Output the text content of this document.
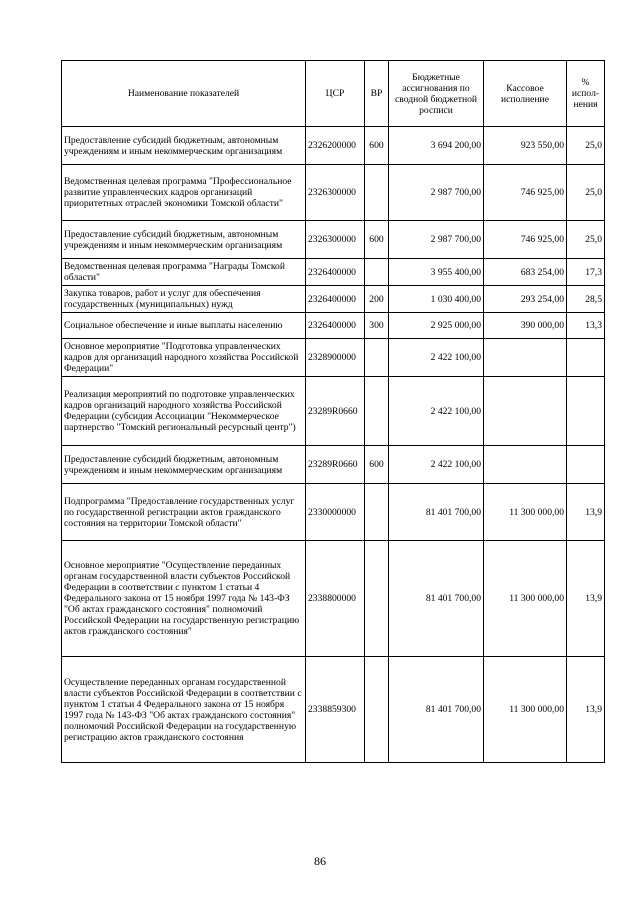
Наименование показателей	ЦСР	ВР	Бюджетные ассигнования по сводной бюджетной росписи	Кассовое исполнение	% испол-нения
Предоставление субсидий бюджетным, автономным учреждениям и иным некоммерческим организациям	2326200000	600	3 694 200,00	923 550,00	25,0
Ведомственная целевая программа "Профессиональное развитие управленческих кадров организаций приоритетных отраслей экономики Томской области"	2326300000		2 987 700,00	746 925,00	25,0
Предоставление субсидий бюджетным, автономным учреждениям и иным некоммерческим организациям	2326300000	600	2 987 700,00	746 925,00	25,0
Ведомственная целевая программа "Награды Томской области"	2326400000		3 955 400,00	683 254,00	17,3
Закупка товаров, работ и услуг для обеспечения государственных (муниципальных) нужд	2326400000	200	1 030 400,00	293 254,00	28,5
Социальное обеспечение и иные выплаты населению	2326400000	300	2 925 000,00	390 000,00	13,3
Основное мероприятие "Подготовка управленческих кадров для организаций народного хозяйства Российской Федерации"	2328900000		2 422 100,00		
Реализация мероприятий по подготовке управленческих кадров организаций народного хозяйства Российской Федерации (субсидия Ассоциации "Некоммерческое партнерство "Томский региональный ресурсный центр")	23289R0660		2 422 100,00		
Предоставление субсидий бюджетным, автономным учреждениям и иным некоммерческим организациям	23289R0660	600	2 422 100,00		
Подпрограмма "Предоставление государственных услуг по государственной регистрации актов гражданского состояния на территории Томской области"	2330000000		81 401 700,00	11 300 000,00	13,9
Основное мероприятие "Осуществление переданных органам государственной власти субъектов Российской Федерации в соответствии с пунктом 1 статьи 4 Федерального закона от 15 ноября 1997 года № 143-ФЗ "Об актах гражданского состояния" полномочий Российской Федерации на государственную регистрацию актов гражданского состояния"	2338800000		81 401 700,00	11 300 000,00	13,9
Осуществление переданных органам государственной власти субъектов Российской Федерации в соответствии с пунктом 1 статьи 4 Федерального закона от 15 ноября 1997 года № 143-ФЗ "Об актах гражданского состояния" полномочий Российской Федерации на государственную регистрацию актов гражданского состояния	2338859300		81 401 700,00	11 300 000,00	13,9
86
